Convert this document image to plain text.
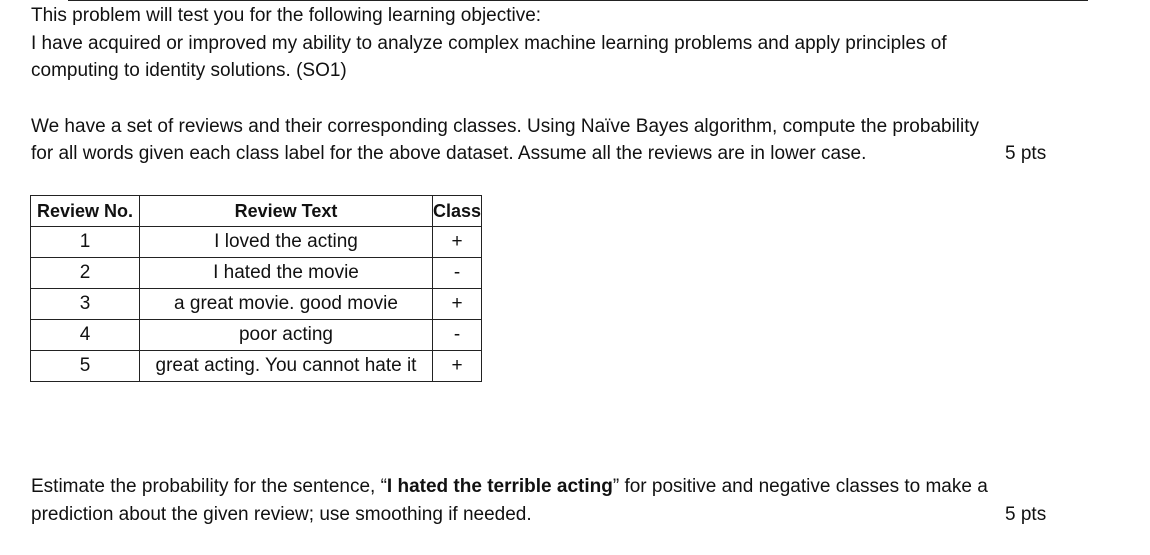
This problem will test you for the following learning objective:
I have acquired or improved my ability to analyze complex machine learning problems and apply principles of
computing to identity solutions. (SO1)
We have a set of reviews and their corresponding classes. Using Naïve Bayes algorithm, compute the probability
for all words given each class label for the above dataset. Assume all the reviews are in lower case.	5 pts
Review No.	Review Text	Class
1	I loved the acting	+
2	I hated the movie	-
3	a great movie. good movie	+
4	poor acting	-
5	great acting. You cannot hate it	+
Estimate the probability for the sentence, “I hated the terrible acting” for positive and negative classes to make a
prediction about the given review; use smoothing if needed.	5 pts
